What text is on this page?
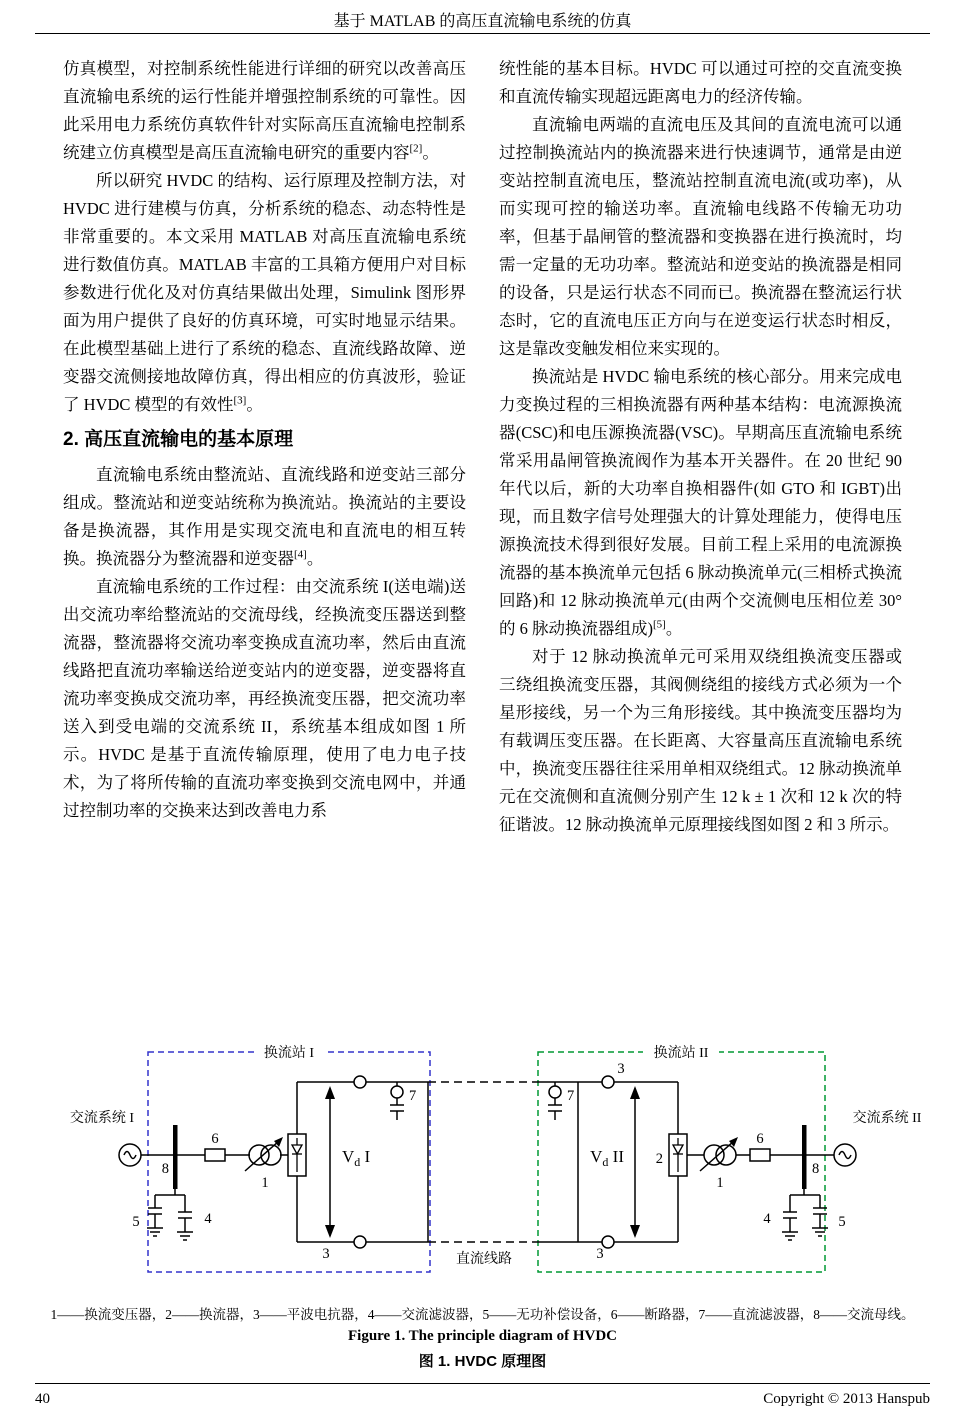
基于 MATLAB 的高压直流输电系统的仿真

仿真模型，对控制系统性能进行详细的研究以改善高压直流输电系统的运行性能并增强控制系统的可靠性。因此采用电力系统仿真软件针对实际高压直流输电控制系统建立仿真模型是高压直流输电研究的重要内容[2]。

所以研究 HVDC 的结构、运行原理及控制方法，对 HVDC 进行建模与仿真，分析系统的稳态、动态特性是非常重要的。本文采用 MATLAB 对高压直流输电系统进行数值仿真。MATLAB 丰富的工具箱方便用户对目标参数进行优化及对仿真结果做出处理，Simulink 图形界面为用户提供了良好的仿真环境，可实时地显示结果。在此模型基础上进行了系统的稳态、直流线路故障、逆变器交流侧接地故障仿真，得出相应的仿真波形，验证了 HVDC 模型的有效性[3]。

2. 高压直流输电的基本原理

直流输电系统由整流站、直流线路和逆变站三部分组成。整流站和逆变站统称为换流站。换流站的主要设备是换流器，其作用是实现交流电和直流电的相互转换。换流器分为整流器和逆变器[4]。

直流输电系统的工作过程：由交流系统 I(送电端)送出交流功率给整流站的交流母线，经换流变压器送到整流器，整流器将交流功率变换成直流功率，然后由直流线路把直流功率输送给逆变站内的逆变器，逆变器将直流功率变换成交流功率，再经换流变压器，把交流功率送入到受电端的交流系统 II，系统基本组成如图 1 所示。HVDC 是基于直流传输原理，使用了电力电子技术，为了将所传输的直流功率变换到交流电网中，并通过控制功率的交换来达到改善电力系

统性能的基本目标。HVDC 可以通过可控的交直流变换和直流传输实现超远距离电力的经济传输。

直流输电两端的直流电压及其间的直流电流可以通过控制换流站内的换流器来进行快速调节，通常是由逆变站控制直流电压，整流站控制直流电流(或功率)，从而实现可控的输送功率。直流输电线路不传输无功功率，但基于晶闸管的整流器和变换器在进行换流时，均需一定量的无功功率。整流站和逆变站的换流器是相同的设备，只是运行状态不同而已。换流器在整流运行状态时，它的直流电压正方向与在逆变运行状态时相反，这是靠改变触发相位来实现的。

换流站是 HVDC 输电系统的核心部分。用来完成电力变换过程的三相换流器有两种基本结构：电流源换流器(CSC)和电压源换流器(VSC)。早期高压直流输电系统常采用晶闸管换流阀作为基本开关器件。在 20 世纪 90 年代以后，新的大功率自换相器件(如 GTO 和 IGBT)出现，而且数字信号处理强大的计算处理能力，使得电压源换流技术得到很好发展。目前工程上采用的电流源换流器的基本换流单元包括 6 脉动换流单元(三相桥式换流回路)和 12 脉动换流单元(由两个交流侧电压相位差 30°的 6 脉动换流器组成)[5]。

对于 12 脉动换流单元可采用双绕组换流变压器或三绕组换流变压器，其阀侧绕组的接线方式必须为一个星形接线，另一个为三角形接线。其中换流变压器均为有载调压变压器。在长距离、大容量高压直流输电系统中，换流变压器往往采用单相双绕组式。12 脉动换流单元在交流侧和直流侧分别产生 12 k ± 1 次和 12 k 次的特征谐波。12 脉动换流单元原理接线图如图 2 和 3 所示。

换流站 I	换流站 II
交流系统 I	交流系统 II
$V_d$ I
直流线路
$V_d$ II
8
6
1
3
7
5	4
3
7
3
2
1
6
8
4	5
1——换流变压器，2——换流器，3——平波电抗器，4——交流滤波器，5——无功补偿设备，6——断路器，7——直流滤波器，8——交流母线。
Figure 1. The principle diagram of HVDC
图 1. HVDC 原理图
40	Copyright © 2013 Hanspub
